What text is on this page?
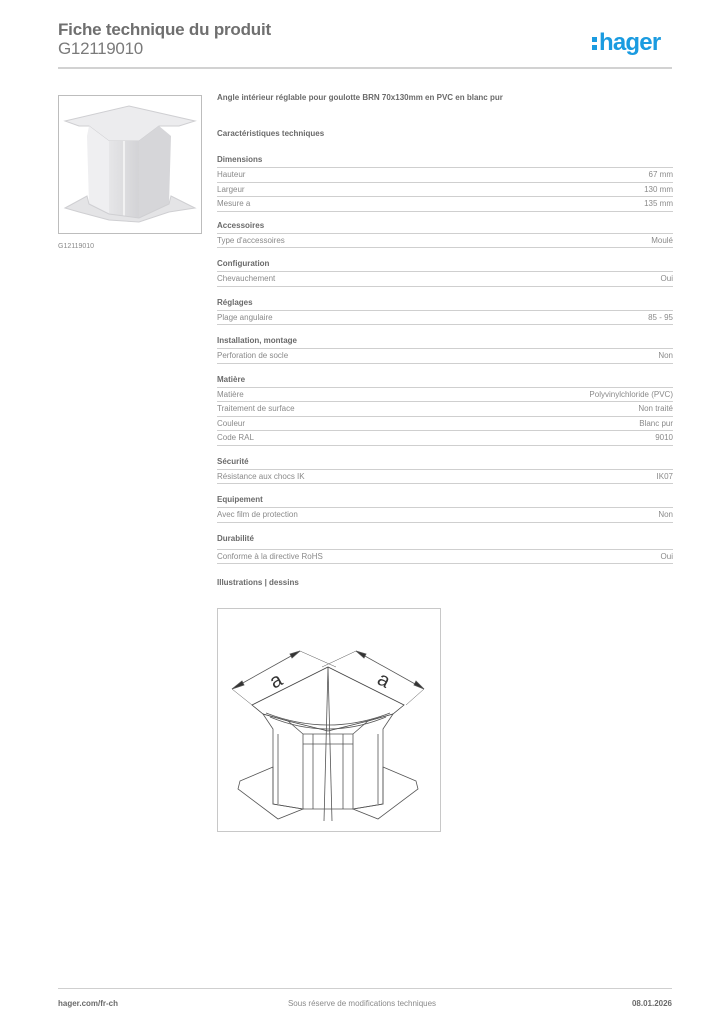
Fiche technique du produit
G12119010	hager
G12119010
Angle intérieur réglable pour goulotte BRN 70x130mm en PVC en blanc pur
Caractéristiques techniques
Dimensions
Hauteur	67 mm
Largeur	130 mm
Mesure a	135 mm
Accessoires
Type d'accessoires	Moulé
Configuration
Chevauchement	Oui
Réglages
Plage angulaire	85 - 95
Installation, montage
Perforation de socle	Non
Matière
Matière	Polyvinylchloride (PVC)
Traitement de surface	Non traité
Couleur	Blanc pur
Code RAL	9010
Sécurité
Résistance aux chocs IK	IK07
Equipement
Avec film de protection	Non
Durabilité
Conforme à la directive RoHS	Oui
Illustrations | dessins
a	a
hager.com/fr-ch	Sous réserve de modifications techniques	08.01.2026
